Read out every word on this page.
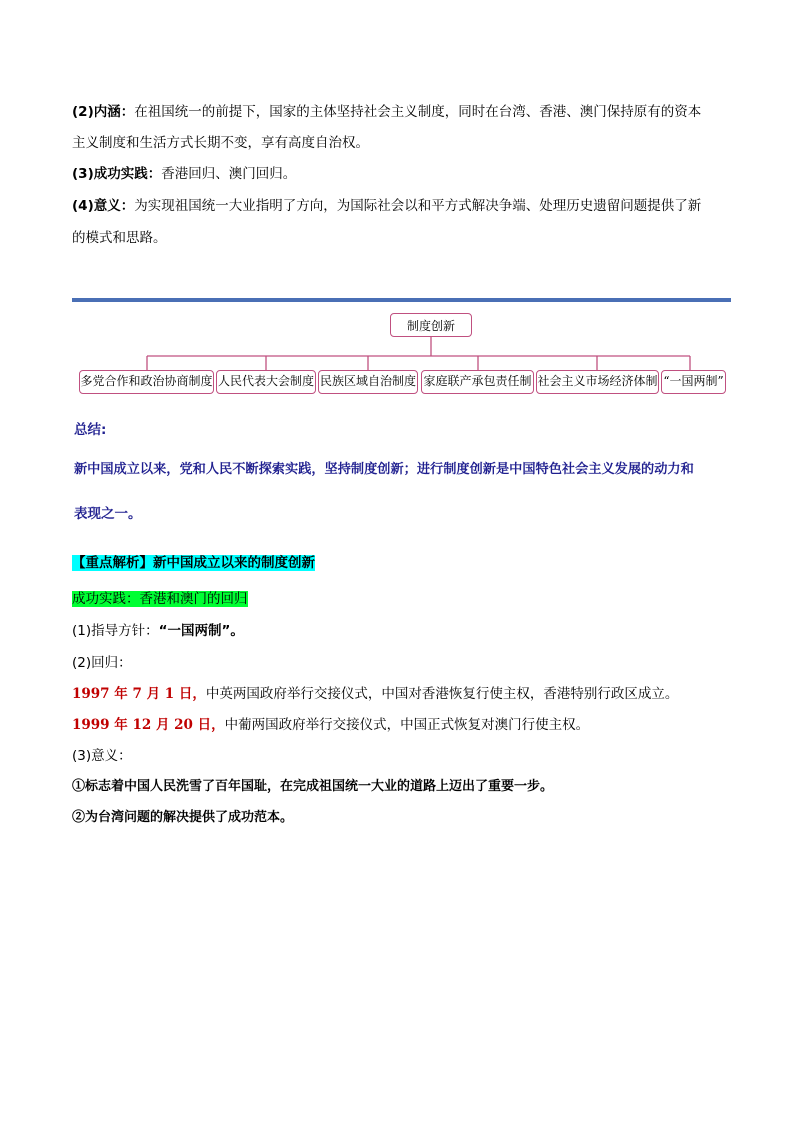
(2)内涵：在祖国统一的前提下，国家的主体坚持社会主义制度，同时在台湾、香港、澳门保持原有的资本
主义制度和生活方式长期不变，享有高度自治权。
(3)成功实践：香港回归、澳门回归。
(4)意义：为实现祖国统一大业指明了方向，为国际社会以和平方式解决争端、处理历史遗留问题提供了新
的模式和思路。
制度创新
多党合作和政治协商制度 人民代表大会制度 民族区域自治制度 家庭联产承包责任制 社会主义市场经济体制 “一国两制”
总结:
新中国成立以来，党和人民不断探索实践，坚持制度创新；进行制度创新是中国特色社会主义发展的动力和
表现之一。
【重点解析】新中国成立以来的制度创新
成功实践：香港和澳门的回归
(1)指导方针：“一国两制”。
(2)回归：
1997 年 7 月 1 日，中英两国政府举行交接仪式，中国对香港恢复行使主权，香港特别行政区成立。
1999 年 12 月 20 日，中葡两国政府举行交接仪式，中国正式恢复对澳门行使主权。
(3)意义：
①标志着中国人民洗雪了百年国耻，在完成祖国统一大业的道路上迈出了重要一步。
②为台湾问题的解决提供了成功范本。
